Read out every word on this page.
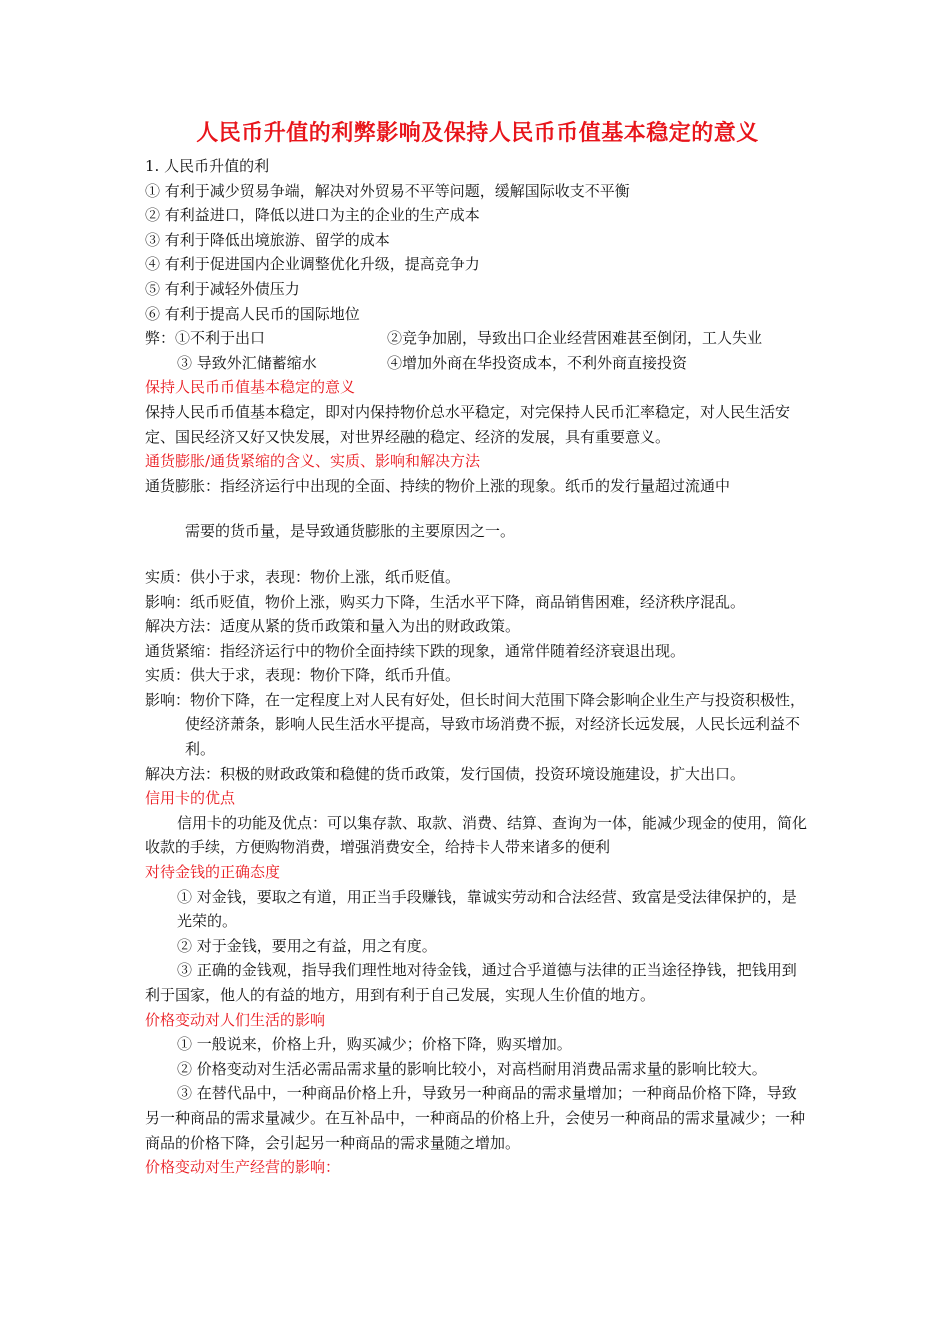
人民币升值的利弊影响及保持人民币币值基本稳定的意义

1. 人民币升值的利

① 有利于减少贸易争端，解决对外贸易不平等问题，缓解国际收支不平衡

② 有利益进口，降低以进口为主的企业的生产成本

③ 有利于降低出境旅游、留学的成本

④ 有利于促进国内企业调整优化升级，提高竞争力

⑤ 有利于减轻外债压力

⑥ 有利于提高人民币的国际地位

弊：①不利于出口	②竞争加剧，导致出口企业经营困难甚至倒闭，工人失业
③ 导致外汇储蓄缩水	④增加外商在华投资成本，不利外商直接投资

保持人民币币值基本稳定的意义

保持人民币币值基本稳定，即对内保持物价总水平稳定，对完保持人民币汇率稳定，对人民生活安定、国民经济又好又快发展，对世界经融的稳定、经济的发展，具有重要意义。

通货膨胀/通货紧缩的含义、实质、影响和解决方法

通货膨胀：指经济运行中出现的全面、持续的物价上涨的现象。纸币的发行量超过流通中

需要的货币量，是导致通货膨胀的主要原因之一。

实质：供小于求，表现：物价上涨，纸币贬值。

影响：纸币贬值，物价上涨，购买力下降，生活水平下降，商品销售困难，经济秩序混乱。

解决方法：适度从紧的货币政策和量入为出的财政政策。

通货紧缩：指经济运行中的物价全面持续下跌的现象，通常伴随着经济衰退出现。

实质：供大于求，表现：物价下降，纸币升值。

影响：物价下降，在一定程度上对人民有好处，但长时间大范围下降会影响企业生产与投资积极性，使经济萧条，影响人民生活水平提高，导致市场消费不振，对经济长远发展，人民长远利益不利。

解决方法：积极的财政政策和稳健的货币政策，发行国债，投资环境设施建设，扩大出口。

信用卡的优点

信用卡的功能及优点：可以集存款、取款、消费、结算、查询为一体，能减少现金的使用，简化收款的手续，方便购物消费，增强消费安全，给持卡人带来诸多的便利

对待金钱的正确态度

① 对金钱，要取之有道，用正当手段赚钱，靠诚实劳动和合法经营、致富是受法律保护的，是光荣的。

② 对于金钱，要用之有益，用之有度。

③ 正确的金钱观，指导我们理性地对待金钱，通过合乎道德与法律的正当途径挣钱，把钱用到利于国家，他人的有益的地方，用到有利于自己发展，实现人生价值的地方。

价格变动对人们生活的影响

① 一般说来，价格上升，购买减少；价格下降，购买增加。

② 价格变动对生活必需品需求量的影响比较小，对高档耐用消费品需求量的影响比较大。

③ 在替代品中，一种商品价格上升，导致另一种商品的需求量增加；一种商品价格下降，导致另一种商品的需求量减少。在互补品中，一种商品的价格上升，会使另一种商品的需求量减少；一种商品的价格下降，会引起另一种商品的需求量随之增加。

价格变动对生产经营的影响：
